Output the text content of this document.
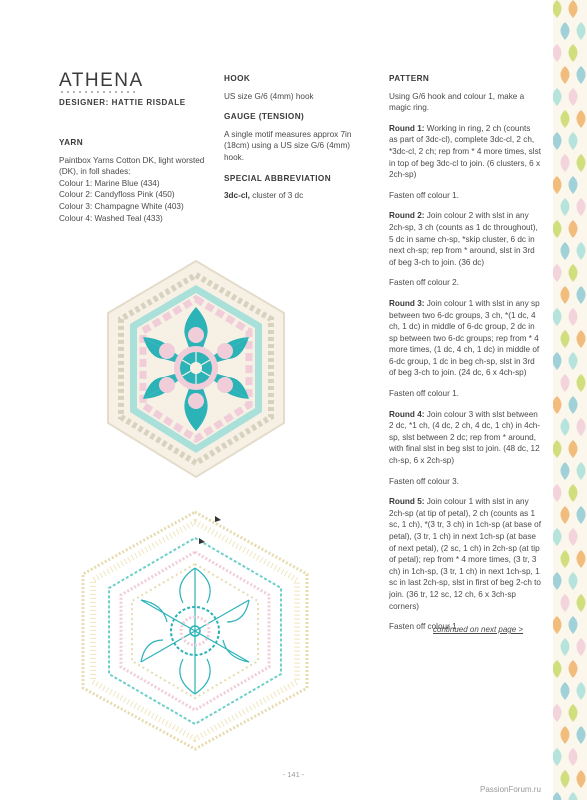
ATHENA
DESIGNER: HATTIE RISDALE
YARN
Paintbox Yarns Cotton DK, light worsted (DK), in foll shades:
Colour 1: Marine Blue (434)
Colour 2: Candyfloss Pink (450)
Colour 3: Champagne White (403)
Colour 4: Washed Teal (433)
HOOK

US size G/6 (4mm) hook

GAUGE (TENSION)

A single motif measures approx 7in (18cm) using a US size G/6 (4mm) hook.

SPECIAL ABBREVIATION

3dc-cl, cluster of 3 dc

PATTERN

Using G/6 hook and colour 1, make a magic ring.

Round 1: Working in ring, 2 ch (counts as part of 3dc-cl), complete 3dc-cl, 2 ch, *3dc-cl, 2 ch; rep from * 4 more times, slst in top of beg 3dc-cl to join. (6 clusters, 6 x 2ch-sp)

Fasten off colour 1.

Round 2: Join colour 2 with slst in any 2ch-sp, 3 ch (counts as 1 dc throughout), 5 dc in same ch-sp, *skip cluster, 6 dc in next ch-sp; rep from * around, slst in 3rd of beg 3-ch to join. (36 dc)

Fasten off colour 2.

Round 3: Join colour 1 with slst in any sp between two 6-dc groups, 3 ch, *(1 dc, 4 ch, 1 dc) in middle of 6-dc group, 2 dc in sp between two 6-dc groups; rep from * 4 more times, (1 dc, 4 ch, 1 dc) in middle of 6-dc group, 1 dc in beg ch-sp, slst in 3rd of beg 3-ch to join. (24 dc, 6 x 4ch-sp)

Fasten off colour 1.

Round 4: Join colour 3 with slst between 2 dc, *1 ch, (4 dc, 2 ch, 4 dc, 1 ch) in 4ch-sp, slst between 2 dc; rep from * around, with final slst in beg slst to join. (48 dc, 12 ch-sp, 6 x 2ch-sp)

Fasten off colour 3.

Round 5: Join colour 1 with slst in any 2ch-sp (at tip of petal), 2 ch (counts as 1 sc, 1 ch), *(3 tr, 3 ch) in 1ch-sp (at base of petal), (3 tr, 1 ch) in next 1ch-sp (at base of next petal), (2 sc, 1 ch) in 2ch-sp (at tip of petal); rep from * 4 more times, (3 tr, 3 ch) in 1ch-sp, (3 tr, 1 ch) in next 1ch-sp, 1 sc in last 2ch-sp, slst in first of beg 2-ch to join. (36 tr, 12 sc, 12 ch, 6 x 3ch-sp corners)

Fasten off colour 1.

continued on next page >
- 141 -
PassionForum.ru
